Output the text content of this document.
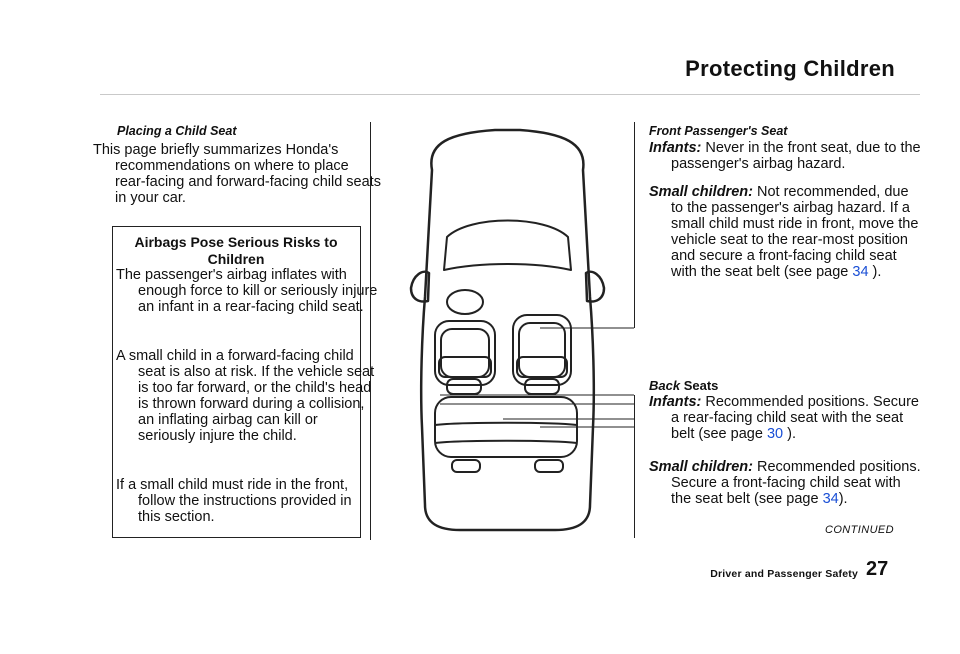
Protecting Children
Placing a Child Seat
This page briefly summarizes Honda's recommendations on where to place rear-facing and forward-facing child seats in your car.
Airbags Pose Serious Risks to Children
The passenger's airbag inflates with enough force to kill or seriously injure an infant in a rear-facing child seat.
A small child in a forward-facing child seat is also at risk. If the vehicle seat is too far forward, or the child's head is thrown forward during a collision, an inflating airbag can kill or seriously injure the child.
If a small child must ride in the front, follow the instructions provided in this section.
Front Passenger's Seat
Infants: Never in the front seat, due to the passenger's airbag hazard.
Small children: Not recommended, due to the passenger's airbag hazard. If a small child must ride in front, move the vehicle seat to the rear-most position and secure a front-facing child seat with the seat belt (see page 34 ).
Back Seats
Infants: Recommended positions. Secure a rear-facing child seat with the seat belt (see page 30 ).
Small children: Recommended positions. Secure a front-facing child seat with the seat belt (see page 34).
CONTINUED
Driver and Passenger Safety 27
